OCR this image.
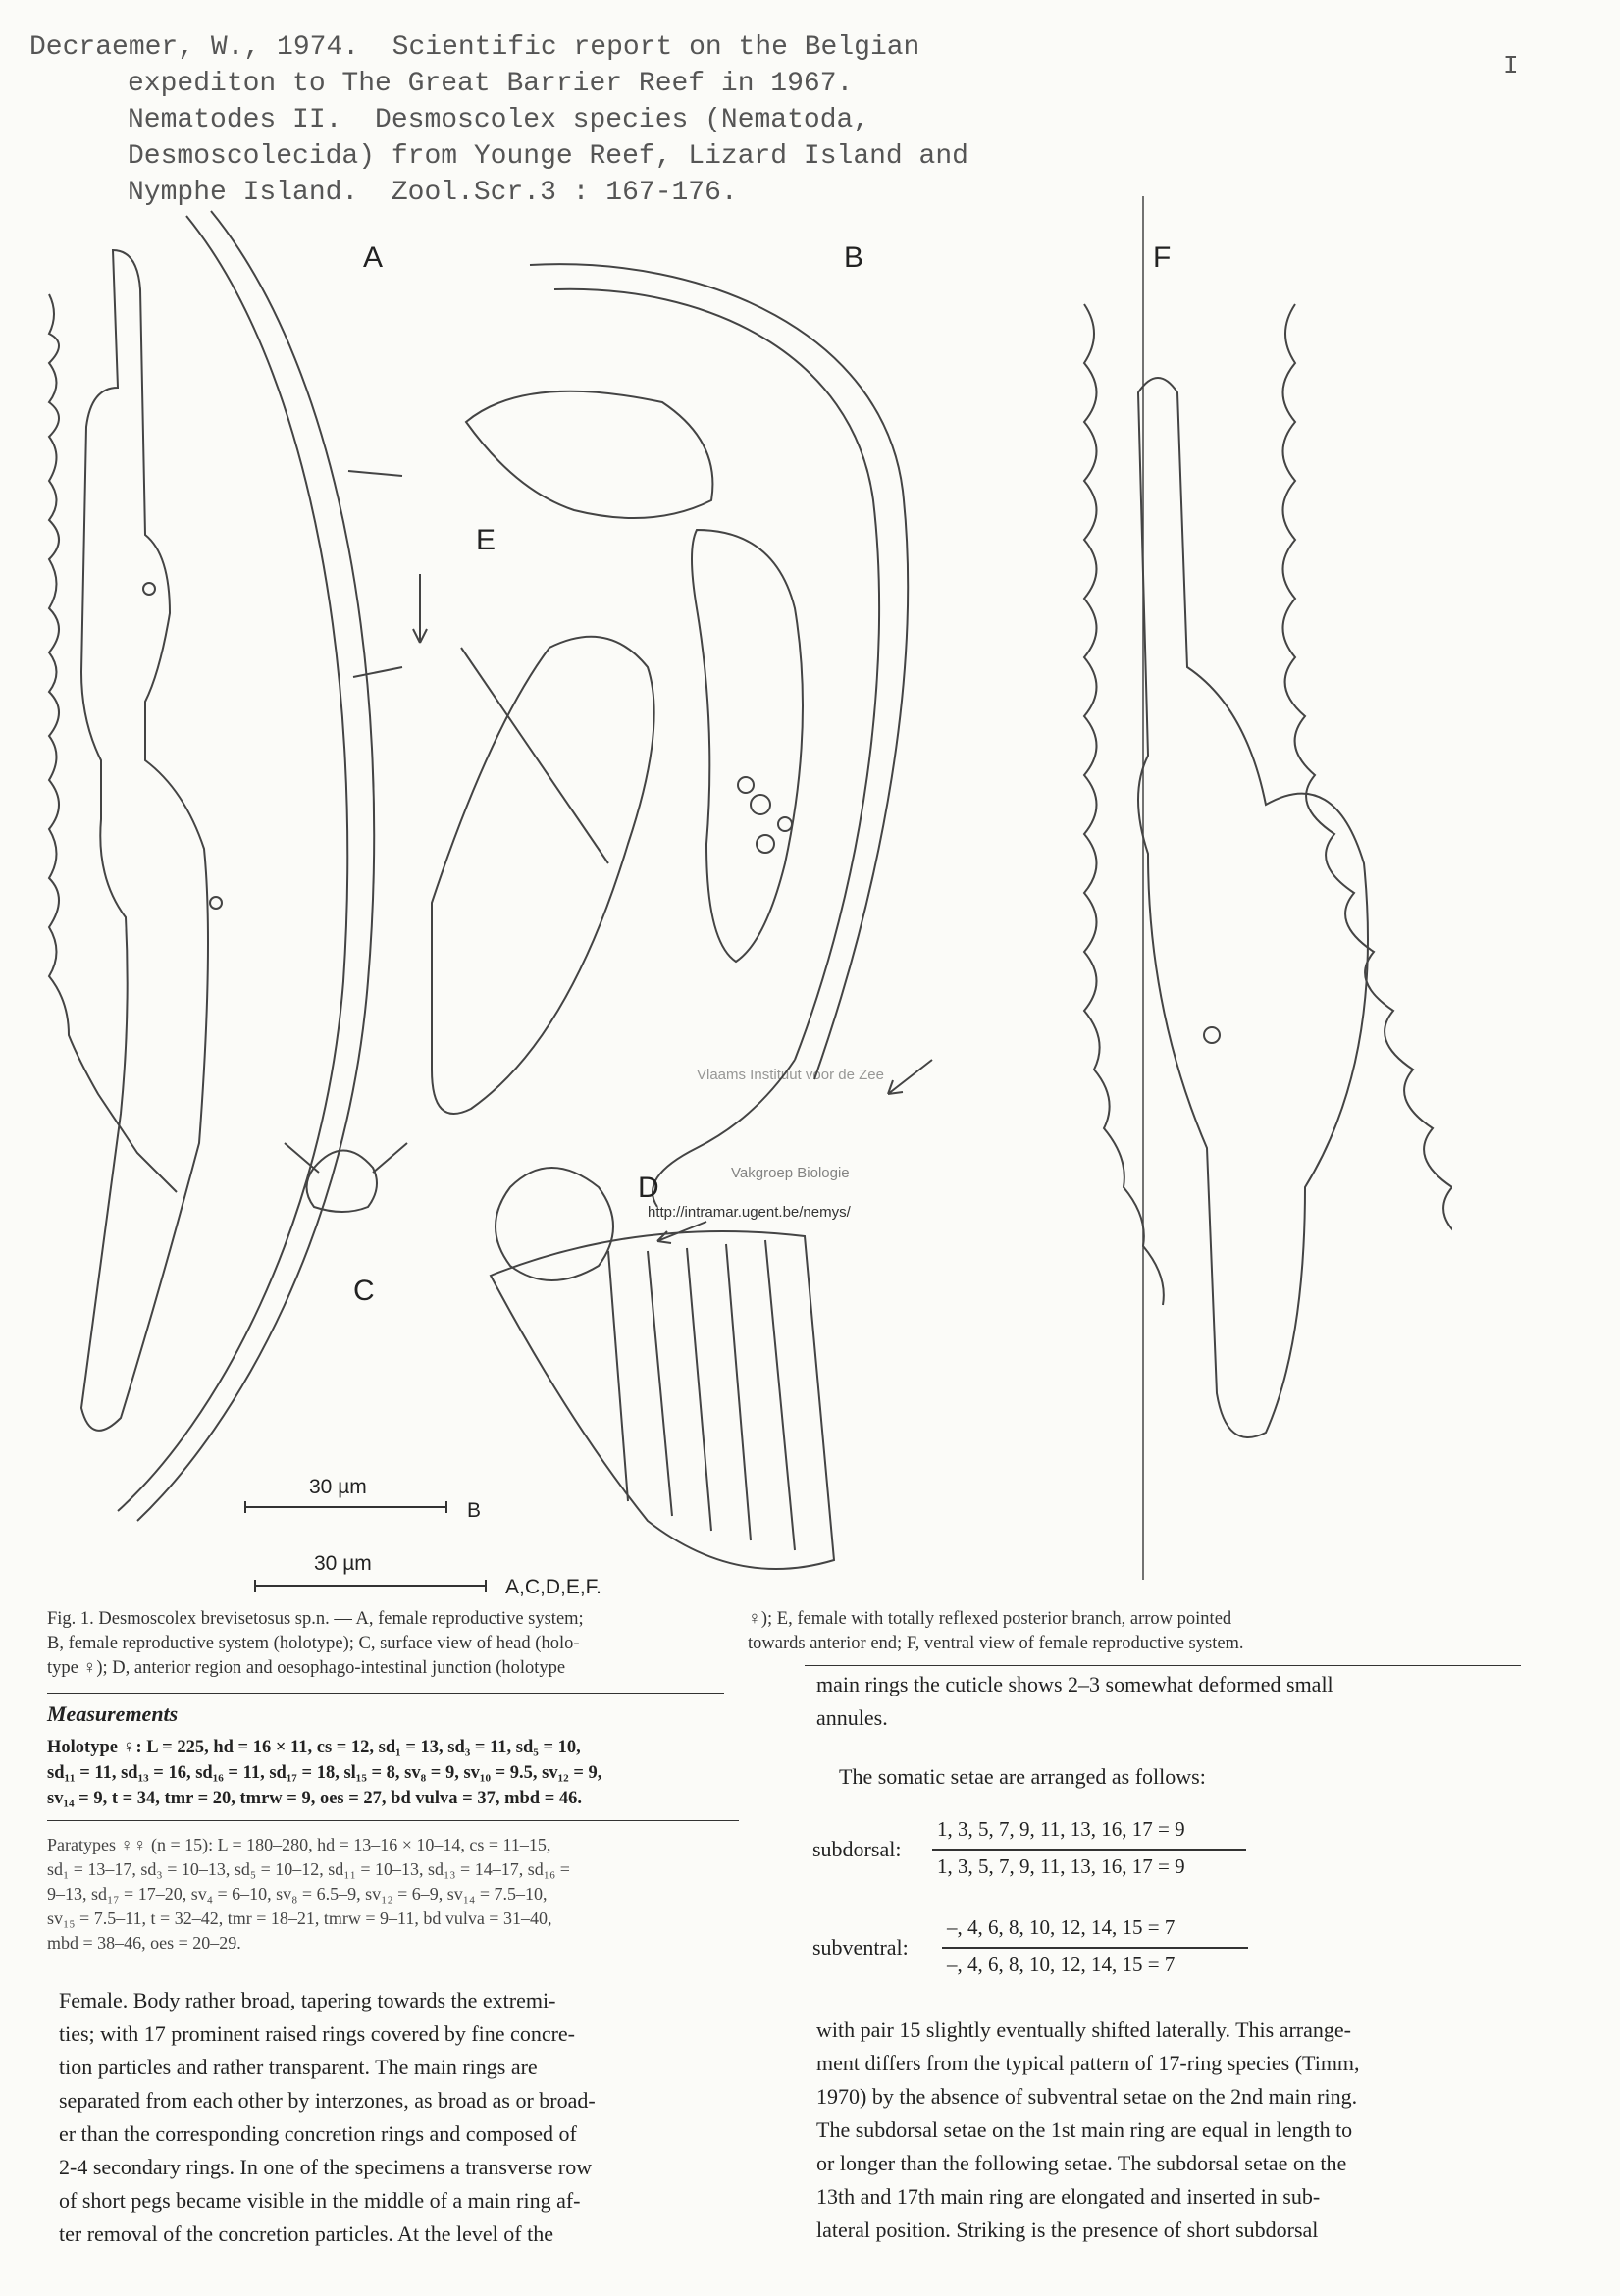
Decraemer, W., 1974.  Scientific report on the Belgian
expediton to The Great Barrier Reef in 1967.
Nematodes II.  Desmoscolex species (Nematoda,
Desmoscolecida) from Younge Reef, Lizard Island and
Nymphe Island.  Zool.Scr.3 : 167-176.
I
A	B
C
D
E
F
Vlaams Instituut voor de Zee
Vakgroep Biologie
http://intramar.ugent.be/nemys/
30 µm
B
30 µm
A,C,D,E,F.
Fig. 1. Desmoscolex brevisetosus sp.n. — A, female reproductive system;
B, female reproductive system (holotype); C, surface view of head (holo-
type ♀); D, anterior region and oesophago-intestinal junction (holotype
♀); E, female with totally reflexed posterior branch, arrow pointed
towards anterior end; F, ventral view of female reproductive system.
Measurements
Holotype ♀: L = 225, hd = 16 × 11, cs = 12, sd₁ = 13, sd₃ = 11, sd₅ = 10,
sd₁₁ = 11, sd₁₃ = 16, sd₁₆ = 11, sd₁₇ = 18, sl₁₅ = 8, sv₈ = 9, sv₁₀ = 9.5, sv₁₂ = 9,
sv₁₄ = 9, t = 34, tmr = 20, tmrw = 9, oes = 27, bd vulva = 37, mbd = 46.
Paratypes ♀♀ (n = 15): L = 180–280, hd = 13–16 × 10–14, cs = 11–15,
sd₁ = 13–17, sd₃ = 10–13, sd₅ = 10–12, sd₁₁ = 10–13, sd₁₃ = 14–17, sd₁₆ =
9–13, sd₁₇ = 17–20, sv₄ = 6–10, sv₈ = 6.5–9, sv₁₂ = 6–9, sv₁₄ = 7.5–10,
sv₁₅ = 7.5–11, t = 32–42, tmr = 18–21, tmrw = 9–11, bd vulva = 31–40,
mbd = 38–46, oes = 20–29.
Female. Body rather broad, tapering towards the extremi-
ties; with 17 prominent raised rings covered by fine concre-
tion particles and rather transparent. The main rings are
separated from each other by interzones, as broad as or broad-
er than the corresponding concretion rings and composed of
2-4 secondary rings. In one of the specimens a transverse row
of short pegs became visible in the middle of a main ring af-
ter removal of the concretion particles. At the level of the
main rings the cuticle shows 2–3 somewhat deformed small
annules.
The somatic setae are arranged as follows:
subdorsal:
1, 3, 5, 7, 9, 11, 13, 16, 17 = 9
1, 3, 5, 7, 9, 11, 13, 16, 17 = 9
subventral:
–, 4, 6, 8, 10, 12, 14, 15 = 7
–, 4, 6, 8, 10, 12, 14, 15 = 7
with pair 15 slightly eventually shifted laterally. This arrange-
ment differs from the typical pattern of 17-ring species (Timm,
1970) by the absence of subventral setae on the 2nd main ring.
The subdorsal setae on the 1st main ring are equal in length to
or longer than the following setae. The subdorsal setae on the
13th and 17th main ring are elongated and inserted in sub-
lateral position. Striking is the presence of short subdorsal
